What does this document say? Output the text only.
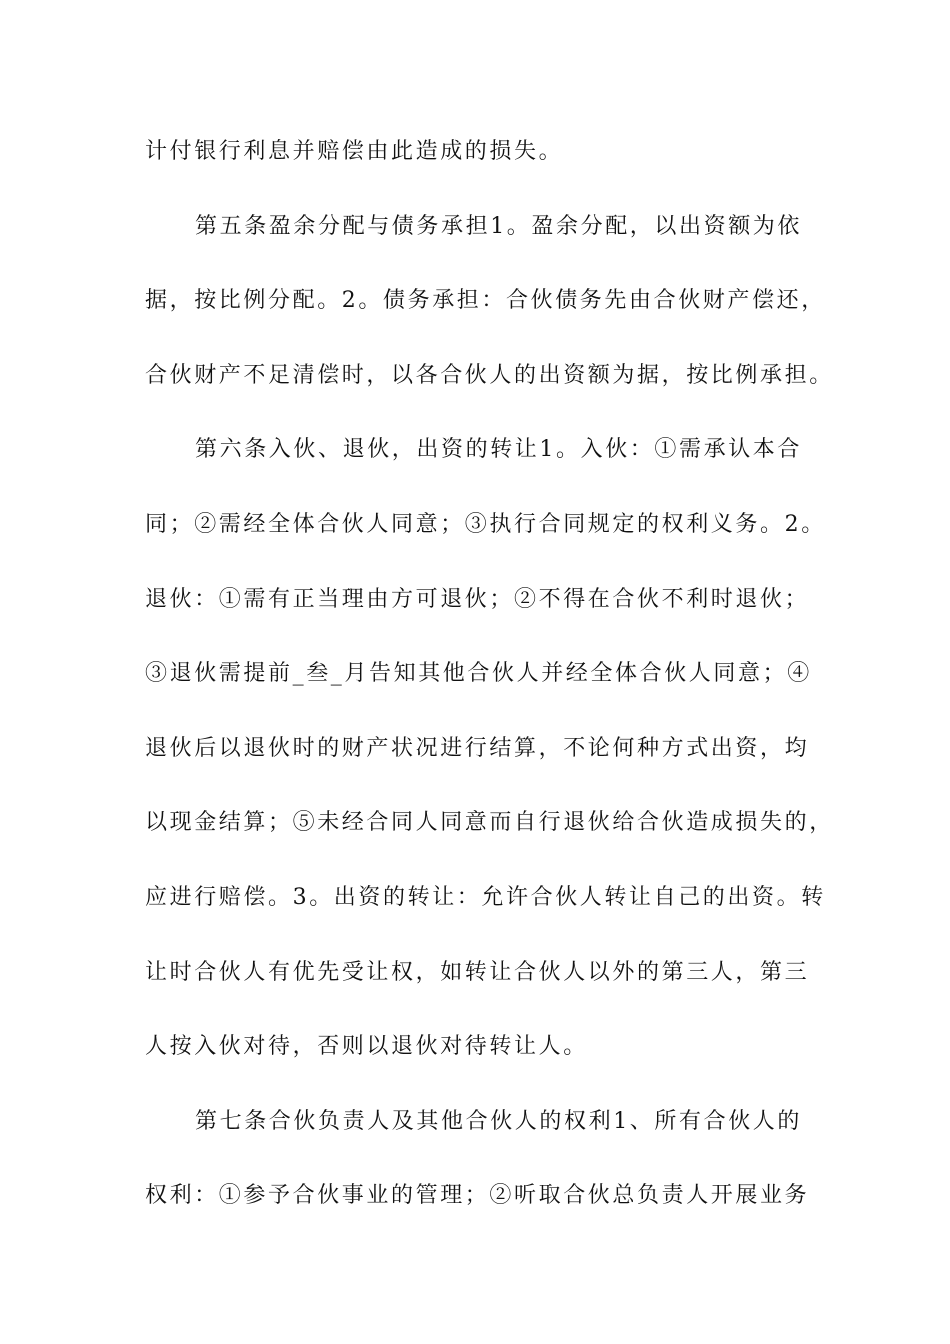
计付银行利息并赔偿由此造成的损失。
第五条盈余分配与债务承担1。盈余分配，以出资额为依
据，按比例分配。2。债务承担：合伙债务先由合伙财产偿还，
合伙财产不足清偿时，以各合伙人的出资额为据，按比例承担。
第六条入伙、退伙，出资的转让1。入伙：①需承认本合
同；②需经全体合伙人同意；③执行合同规定的权利义务。2。
退伙：①需有正当理由方可退伙；②不得在合伙不利时退伙；
③退伙需提前_叁_月告知其他合伙人并经全体合伙人同意；④
退伙后以退伙时的财产状况进行结算，不论何种方式出资，均
以现金结算；⑤未经合同人同意而自行退伙给合伙造成损失的，
应进行赔偿。3。出资的转让：允许合伙人转让自己的出资。转
让时合伙人有优先受让权，如转让合伙人以外的第三人，第三
人按入伙对待，否则以退伙对待转让人。
第七条合伙负责人及其他合伙人的权利1、所有合伙人的
权利：①参予合伙事业的管理；②听取合伙总负责人开展业务
